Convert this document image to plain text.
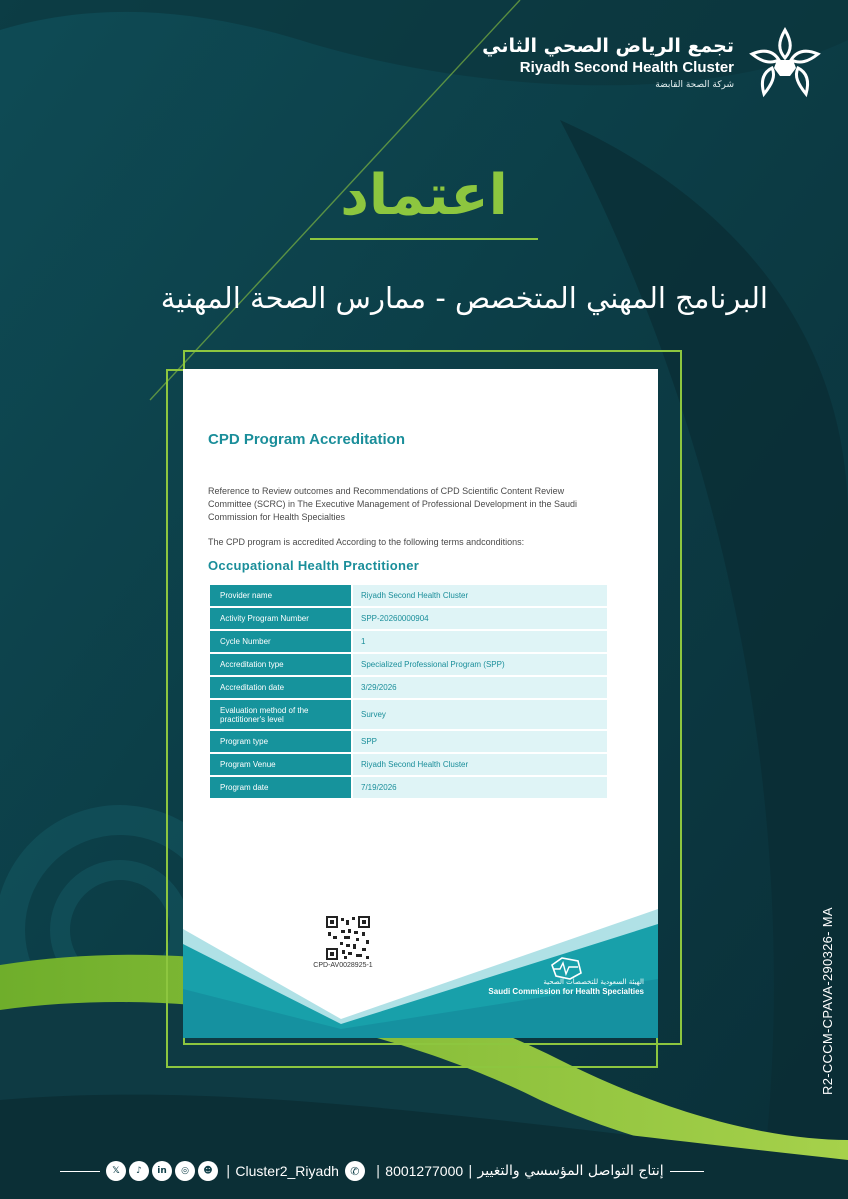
تجمع الرياض الصحي الثاني
Riyadh Second Health Cluster
شركة الصحة القابضة
اعتماد
البرنامج المهني المتخصص - ممارس الصحة المهنية
CPD Program Accreditation
Reference to Review outcomes and Recommendations of CPD Scientific Content Review Committee (SCRC) in The Executive Management of Professional Development in the Saudi Commission for Health Specialties
The CPD program is accredited According to the following terms andconditions:
Occupational Health Practitioner
Provider name	Riyadh Second Health Cluster
Activity Program Number	SPP-20260000904
Cycle Number	1
Accreditation type	Specialized Professional Program (SPP)
Accreditation date	3/29/2026
Evaluation method of the practitioner's level	Survey
Program type	SPP
Program Venue	Riyadh Second Health Cluster
Program date	7/19/2026
CPD-AV0028925-1
الهيئة السعودية للتخصصات الصحية
Saudi Commission for Health Specialties	R2-CCCM-CPAVA-290326- MA
𝕏	♪	in	◎	☻	| Cluster2_Riyadh	✆	| 8001277000 | إنتاج التواصل المؤسسي والتغيير
